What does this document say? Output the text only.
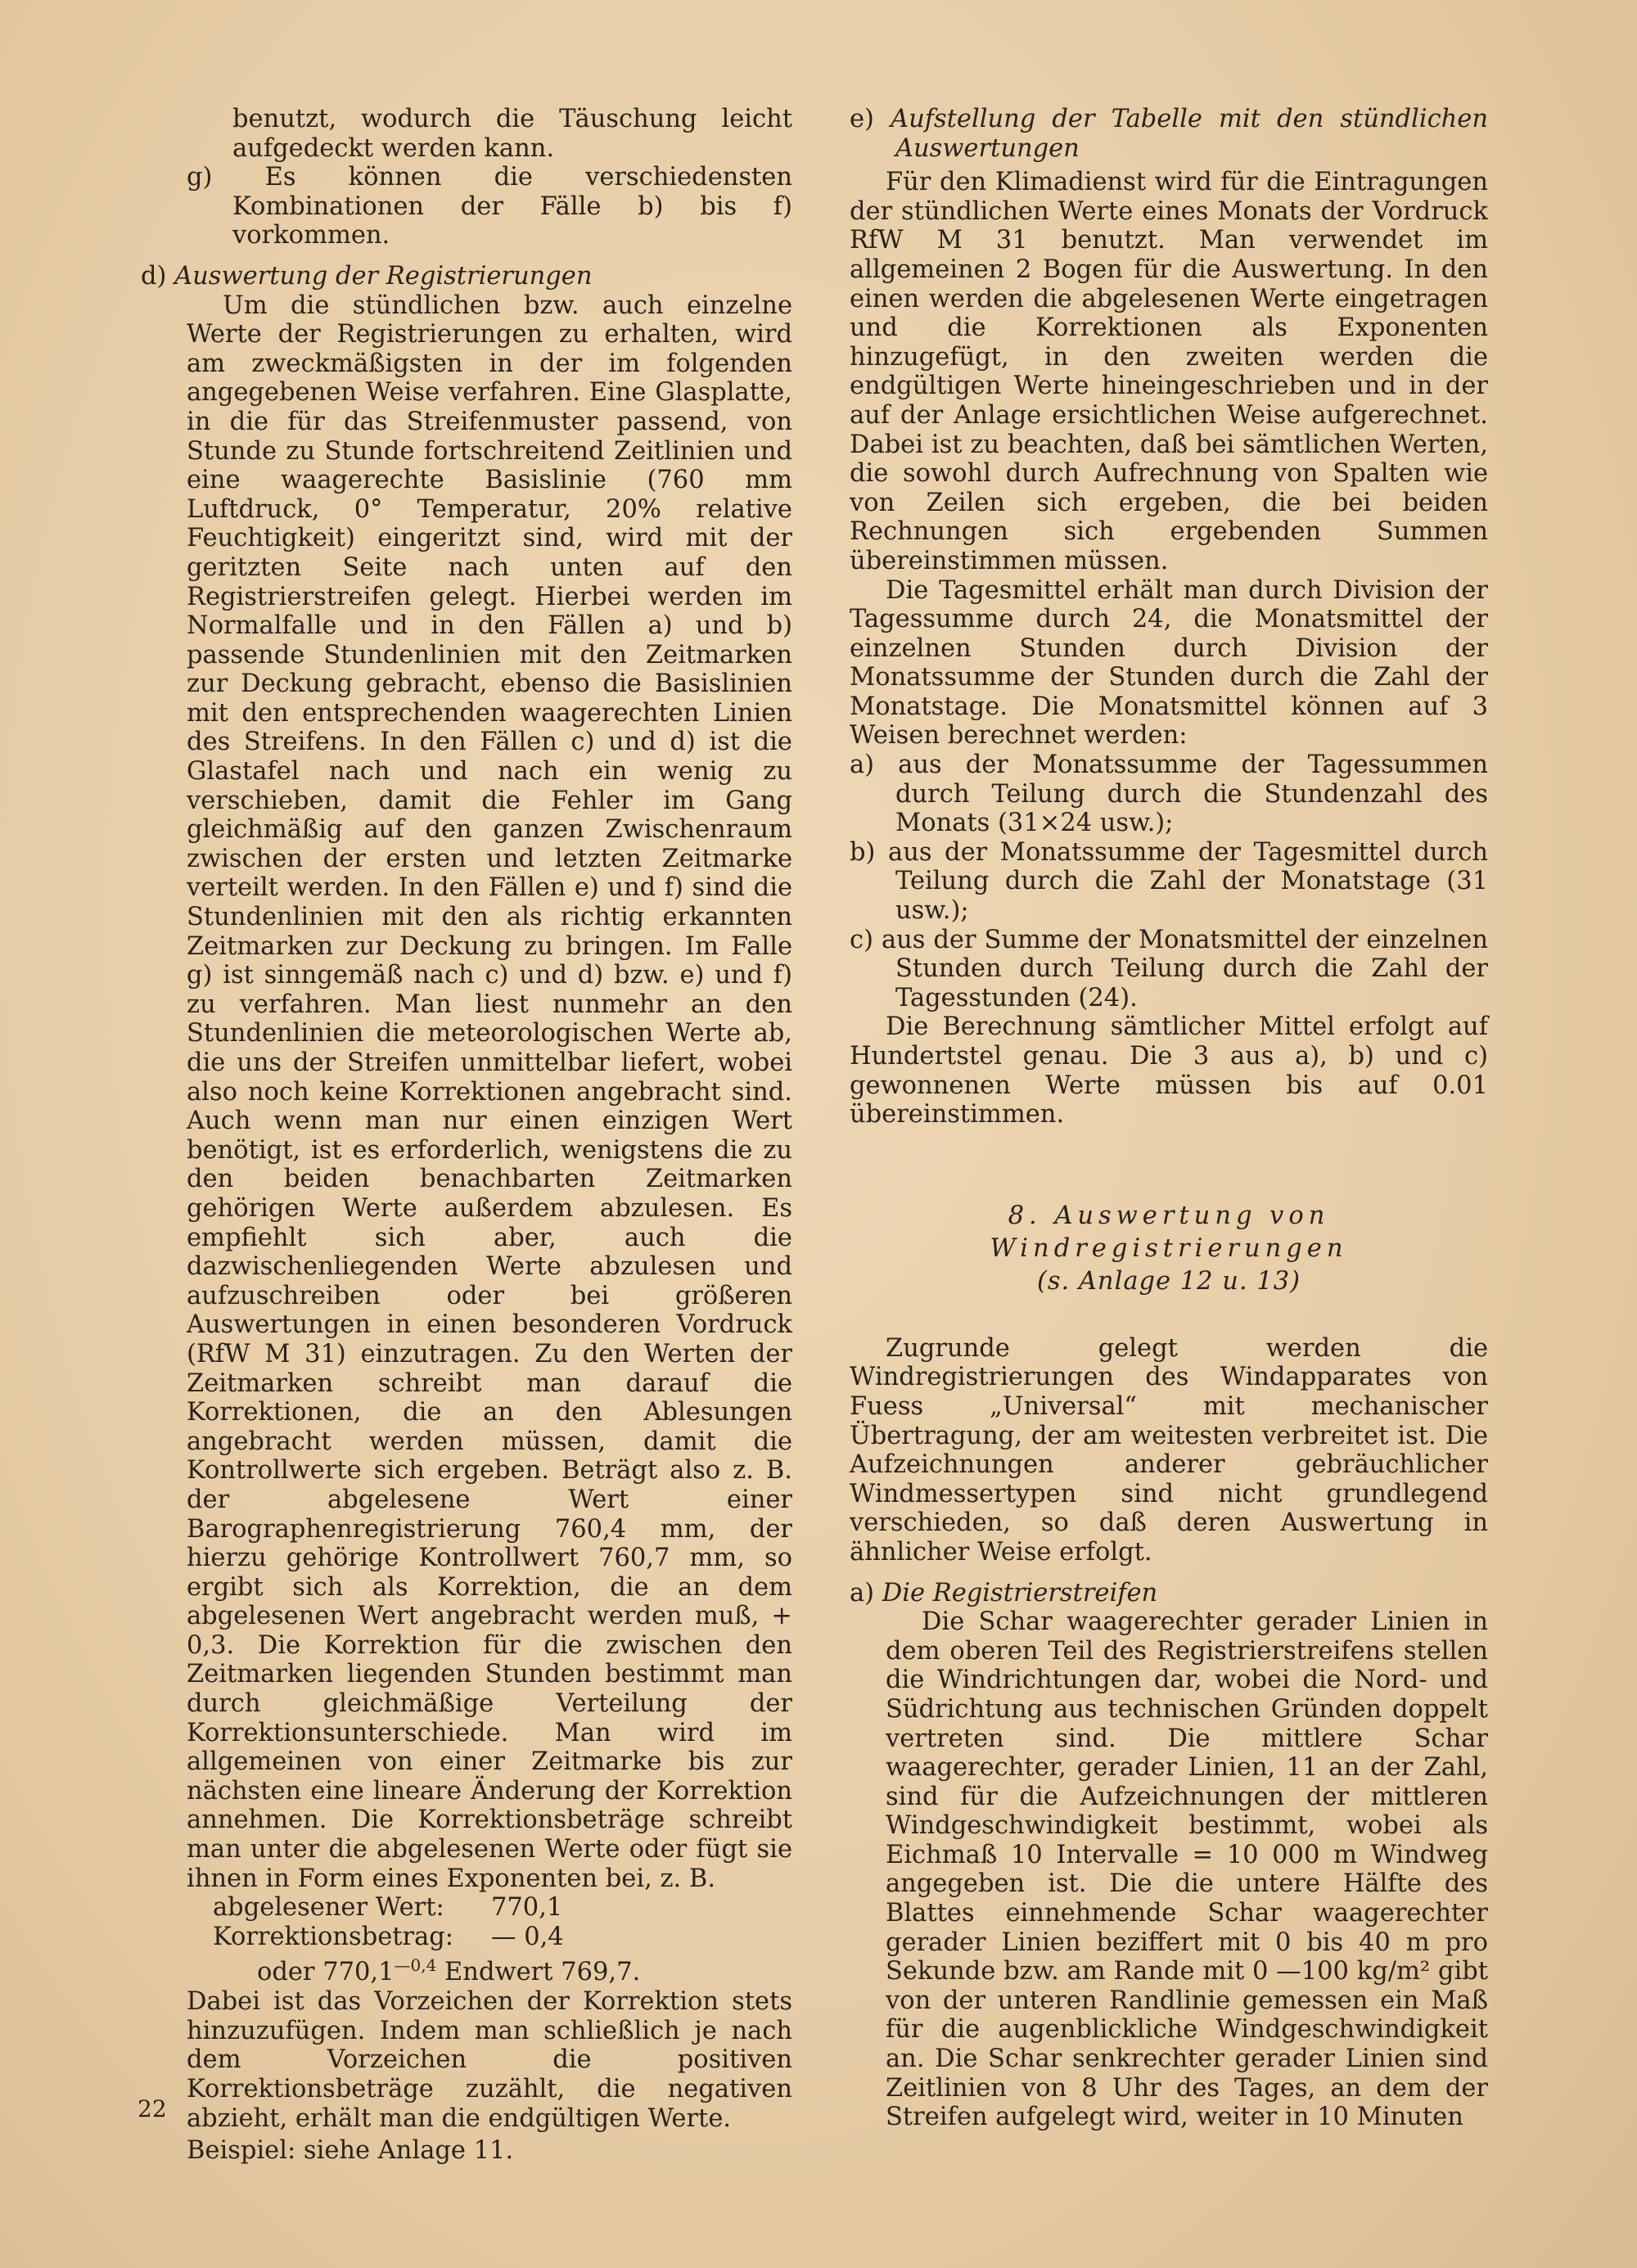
benutzt, wodurch die Täuschung leicht aufgedeckt werden kann.

g) Es können die verschiedensten Kombinationen der Fälle b) bis f) vorkommen.

d) Auswertung der Registrierungen

Um die stündlichen bzw. auch einzelne Werte der Registrierungen zu erhalten, wird am zweckmäßigsten in der im folgenden angegebenen Weise verfahren. Eine Glasplatte, in die für das Streifenmuster passend, von Stunde zu Stunde fortschreitend Zeitlinien und eine waagerechte Basislinie (760 mm Luftdruck, 0° Temperatur, 20% relative Feuchtigkeit) eingeritzt sind, wird mit der geritzten Seite nach unten auf den Registrierstreifen gelegt. Hierbei werden im Normalfalle und in den Fällen a) und b) passende Stundenlinien mit den Zeitmarken zur Deckung gebracht, ebenso die Basislinien mit den entsprechenden waagerechten Linien des Streifens. In den Fällen c) und d) ist die Glastafel nach und nach ein wenig zu verschieben, damit die Fehler im Gang gleichmäßig auf den ganzen Zwischenraum zwischen der ersten und letzten Zeitmarke verteilt werden. In den Fällen e) und f) sind die Stundenlinien mit den als richtig erkannten Zeitmarken zur Deckung zu bringen. Im Falle g) ist sinngemäß nach c) und d) bzw. e) und f) zu verfahren. Man liest nunmehr an den Stundenlinien die meteorologischen Werte ab, die uns der Streifen unmittelbar liefert, wobei also noch keine Korrektionen angebracht sind. Auch wenn man nur einen einzigen Wert benötigt, ist es erforderlich, wenigstens die zu den beiden benachbarten Zeitmarken gehörigen Werte außerdem abzulesen. Es empfiehlt sich aber, auch die dazwischenliegenden Werte abzulesen und aufzuschreiben oder bei größeren Auswertungen in einen besonderen Vordruck (RfW M 31) einzutragen. Zu den Werten der Zeitmarken schreibt man darauf die Korrektionen, die an den Ablesungen angebracht werden müssen, damit die Kontrollwerte sich ergeben. Beträgt also z. B. der abgelesene Wert einer Barographenregistrierung 760,4 mm, der hierzu gehörige Kontrollwert 760,7 mm, so ergibt sich als Korrektion, die an dem abgelesenen Wert angebracht werden muß, + 0,3. Die Korrektion für die zwischen den Zeitmarken liegenden Stunden bestimmt man durch gleichmäßige Verteilung der Korrektionsunterschiede. Man wird im allgemeinen von einer Zeitmarke bis zur nächsten eine lineare Änderung der Korrektion annehmen. Die Korrektionsbeträge schreibt man unter die abgelesenen Werte oder fügt sie ihnen in Form eines Exponenten bei, z. B.

abgelesener Wert:	770,1
Korrektionsbetrag:	— 0,4

oder $770,1^{—0,4}$ Endwert 769,7.

Dabei ist das Vorzeichen der Korrektion stets hinzuzufügen. Indem man schließlich je nach dem Vorzeichen die positiven Korrektionsbeträge zuzählt, die negativen abzieht, erhält man die endgültigen Werte.

Beispiel: siehe Anlage 11.

e) Aufstellung der Tabelle mit den stündlichen Auswertungen

Für den Klimadienst wird für die Eintragungen der stündlichen Werte eines Monats der Vordruck RfW M 31 benutzt. Man verwendet im allgemeinen 2 Bogen für die Auswertung. In den einen werden die abgelesenen Werte eingetragen und die Korrektionen als Exponenten hinzugefügt, in den zweiten werden die endgültigen Werte hineingeschrieben und in der auf der Anlage ersichtlichen Weise aufgerechnet. Dabei ist zu beachten, daß bei sämtlichen Werten, die sowohl durch Aufrechnung von Spalten wie von Zeilen sich ergeben, die bei beiden Rechnungen sich ergebenden Summen übereinstimmen müssen.

Die Tagesmittel erhält man durch Division der Tagessumme durch 24, die Monatsmittel der einzelnen Stunden durch Division der Monatssumme der Stunden durch die Zahl der Monatstage. Die Monatsmittel können auf 3 Weisen berechnet werden:

a) aus der Monatssumme der Tagessummen durch Teilung durch die Stundenzahl des Monats (31×24 usw.);

b) aus der Monatssumme der Tagesmittel durch Teilung durch die Zahl der Monatstage (31 usw.);

c) aus der Summe der Monatsmittel der einzelnen Stunden durch Teilung durch die Zahl der Tagesstunden (24).

Die Berechnung sämtlicher Mittel erfolgt auf Hundertstel genau. Die 3 aus a), b) und c) gewonnenen Werte müssen bis auf 0.01 übereinstimmen.

8. Auswertung von Windregistrierungen
(s. Anlage 12 u. 13)

Zugrunde gelegt werden die Windregistrierungen des Windapparates von Fuess „Universal“ mit mechanischer Übertragung, der am weitesten verbreitet ist. Die Aufzeichnungen anderer gebräuchlicher Windmessertypen sind nicht grundlegend verschieden, so daß deren Auswertung in ähnlicher Weise erfolgt.

a) Die Registrierstreifen

Die Schar waagerechter gerader Linien in dem oberen Teil des Registrierstreifens stellen die Windrichtungen dar, wobei die Nord- und Südrichtung aus technischen Gründen doppelt vertreten sind. Die mittlere Schar waagerechter, gerader Linien, 11 an der Zahl, sind für die Aufzeichnungen der mittleren Windgeschwindigkeit bestimmt, wobei als Eichmaß 10 Intervalle = 10 000 m Windweg angegeben ist. Die die untere Hälfte des Blattes einnehmende Schar waagerechter gerader Linien beziffert mit 0 bis 40 m pro Sekunde bzw. am Rande mit 0 —100 kg/m² gibt von der unteren Randlinie gemessen ein Maß für die augenblickliche Windgeschwindigkeit an. Die Schar senkrechter gerader Linien sind Zeitlinien von 8 Uhr des Tages, an dem der Streifen aufgelegt wird, weiter in 10 Minuten

22
